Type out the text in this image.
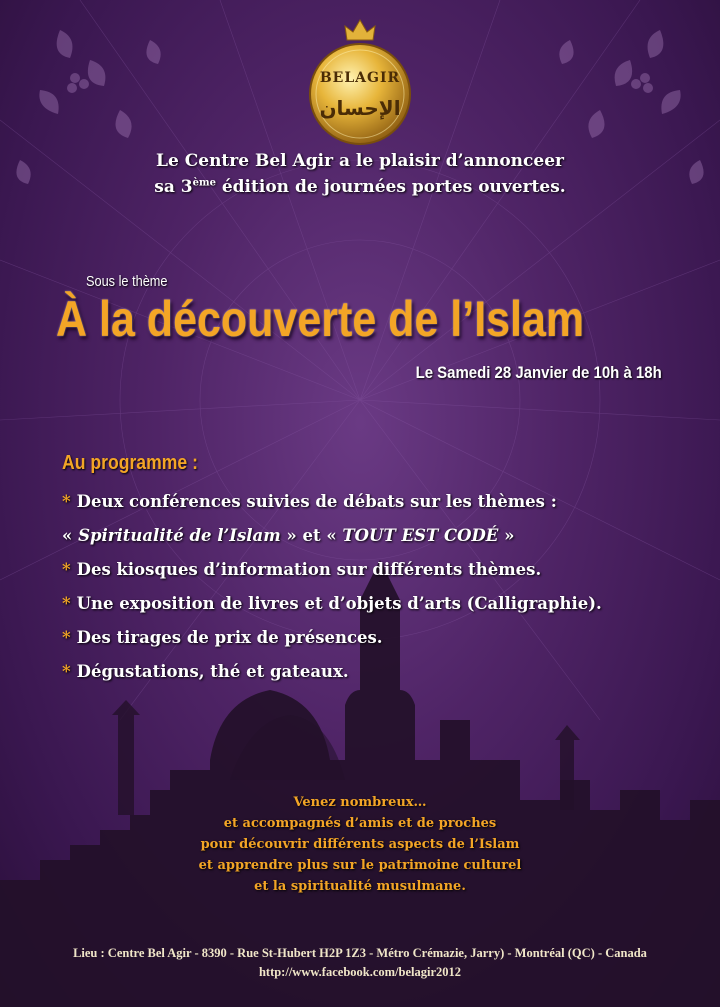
BELAGIR
الإحسان
Le Centre Bel Agir a le plaisir d’annonceer
sa 3ème édition de journées portes ouvertes.
Sous le thème
À la découverte de l’Islam
Le Samedi 28 Janvier de 10h à 18h
Au programme :
* Deux conférences suivies de débats sur les thèmes :
« Spiritualité de l’Islam » et « TOUT EST CODÉ »
* Des kiosques d’information sur différents thèmes.
* Une exposition de livres et d’objets d’arts (Calligraphie).
* Des tirages de prix de présences.
* Dégustations, thé et gateaux.
Venez nombreux…
et accompagnés d’amis et de proches
pour découvrir différents aspects de l’Islam
et apprendre plus sur le patrimoine culturel
et la spiritualité musulmane.
Lieu : Centre Bel Agir - 8390 - Rue St-Hubert H2P 1Z3 - Métro Crémazie, Jarry) - Montréal (QC) - Canada
http://www.facebook.com/belagir2012
